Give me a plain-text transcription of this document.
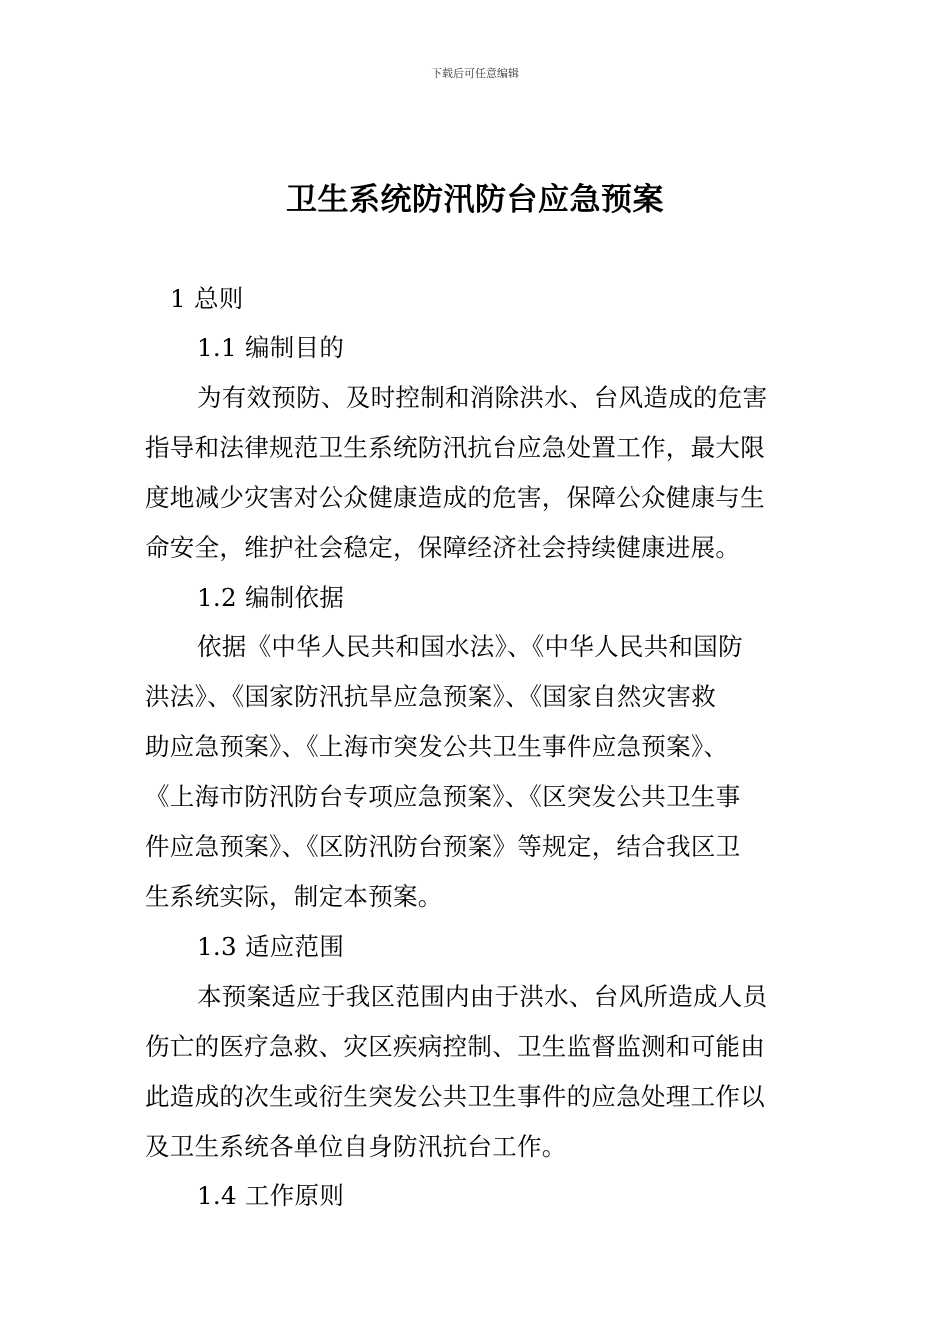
下载后可任意编辑
卫生系统防汛防台应急预案
1 总则
1.1 编制目的
为有效预防、及时控制和消除洪水、台风造成的危害
指导和法律规范卫生系统防汛抗台应急处置工作，最大限
度地减少灾害对公众健康造成的危害，保障公众健康与生
命安全，维护社会稳定，保障经济社会持续健康进展。
1.2 编制依据
依据《中华人民共和国水法》、《中华人民共和国防
洪法》、《国家防汛抗旱应急预案》、《国家自然灾害救
助应急预案》、《上海市突发公共卫生事件应急预案》、
《上海市防汛防台专项应急预案》、《区突发公共卫生事
件应急预案》、《区防汛防台预案》等规定，结合我区卫
生系统实际，制定本预案。
1.3 适应范围
本预案适应于我区范围内由于洪水、台风所造成人员
伤亡的医疗急救、灾区疾病控制、卫生监督监测和可能由
此造成的次生或衍生突发公共卫生事件的应急处理工作以
及卫生系统各单位自身防汛抗台工作。
1.4 工作原则
